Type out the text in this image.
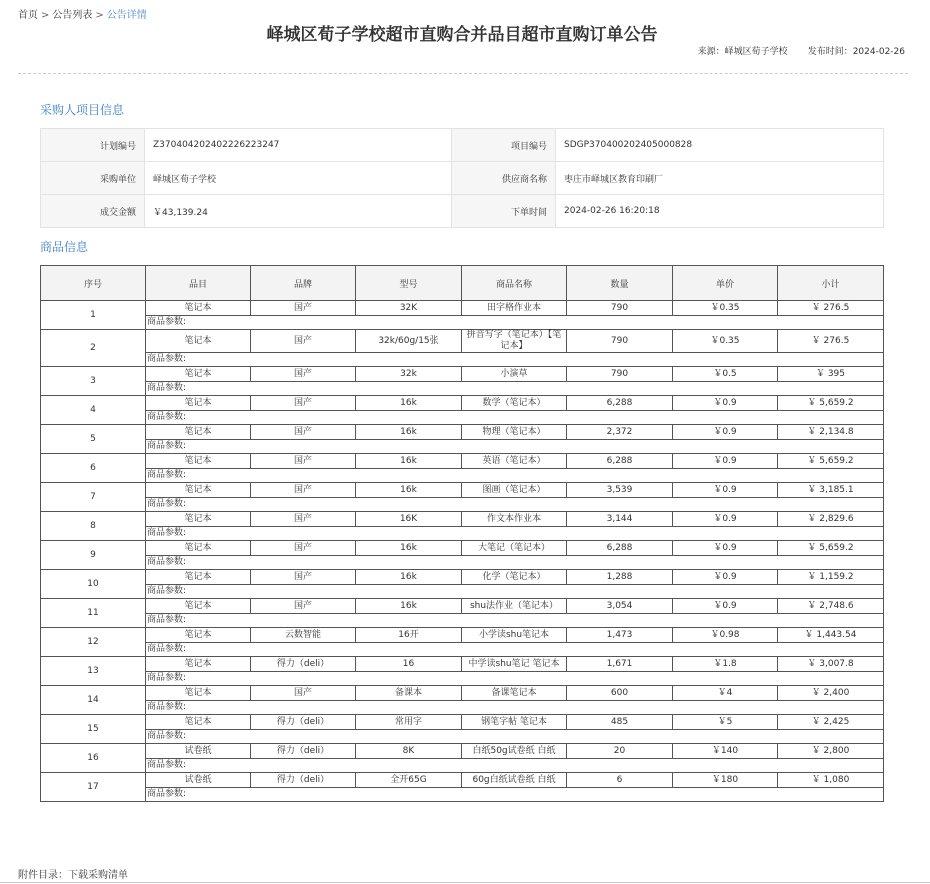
首页 > 公告列表 > 公告详情
峄城区荀子学校超市直购合并品目超市直购订单公告
来源：峄城区荀子学校 发布时间：2024-02-26
采购人项目信息
计划编号	Z370404202402226223247	项目编号	SDGP370400202405000828
采购单位	峄城区荀子学校	供应商名称	枣庄市峄城区教育印刷厂
成交金额	￥43,139.24	下单时间	2024-02-26 16:20:18
商品信息
序号	品目	品牌	型号	商品名称	数量	单价	小计
1	笔记本	国产	32K	田字格作业本	790	￥0.35	￥ 276.5
	商品参数:						
2	笔记本	国产	32k/60g/15张	拼音写字（笔记本）【笔记本】	790	￥0.35	￥ 276.5
	商品参数:						
3	笔记本	国产	32k	小演草	790	￥0.5	￥ 395
	商品参数:						
4	笔记本	国产	16k	数学（笔记本）	6,288	￥0.9	￥ 5,659.2
	商品参数:						
5	笔记本	国产	16k	物理（笔记本）	2,372	￥0.9	￥ 2,134.8
	商品参数:						
6	笔记本	国产	16k	英语（笔记本）	6,288	￥0.9	￥ 5,659.2
	商品参数:						
7	笔记本	国产	16k	图画（笔记本）	3,539	￥0.9	￥ 3,185.1
	商品参数:						
8	笔记本	国产	16K	作文本作业本	3,144	￥0.9	￥ 2,829.6
	商品参数:						
9	笔记本	国产	16k	大笔记（笔记本）	6,288	￥0.9	￥ 5,659.2
	商品参数:						
10	笔记本	国产	16k	化学（笔记本）	1,288	￥0.9	￥ 1,159.2
	商品参数:						
11	笔记本	国产	16k	shu法作业（笔记本）	3,054	￥0.9	￥ 2,748.6
	商品参数:						
12	笔记本	云数智能	16开	小学读shu笔记本	1,473	￥0.98	￥ 1,443.54
	商品参数:						
13	笔记本	得力（deli）	16	中学读shu笔记 笔记本	1,671	￥1.8	￥ 3,007.8
	商品参数:						
14	笔记本	国产	备课本	备课笔记本	600	￥4	￥ 2,400
	商品参数:						
15	笔记本	得力（deli）	常用字	钢笔字帖 笔记本	485	￥5	￥ 2,425
	商品参数:						
16	试卷纸	得力（deli）	8K	白纸50g试卷纸 白纸	20	￥140	￥ 2,800
	商品参数:						
17	试卷纸	得力（deli）	全开65G	60g白纸试卷纸 白纸	6	￥180	￥ 1,080
	商品参数:						
附件目录：下载采购清单
